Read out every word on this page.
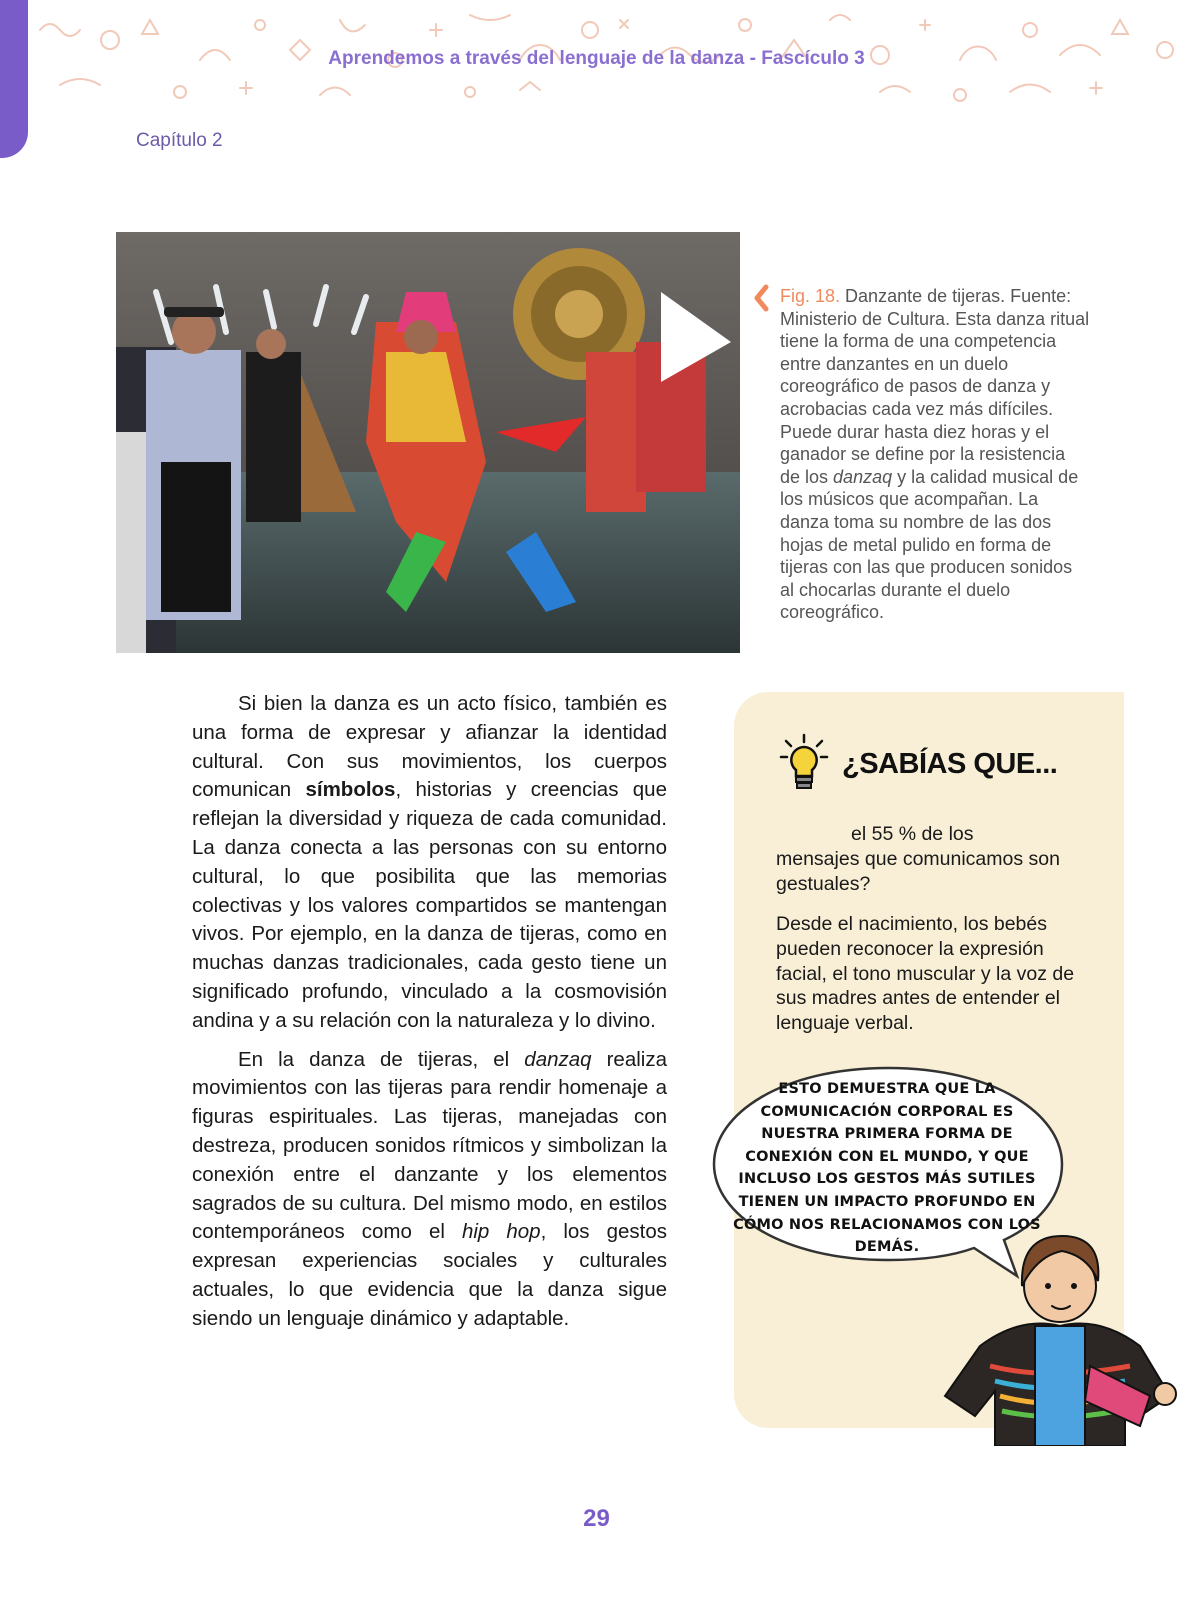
Aprendemos a través del lenguaje de la danza - Fascículo 3
Capítulo 2
Fig. 18. Danzante de tijeras. Fuente: Ministerio de Cultura. Esta danza ritual tiene la forma de una competencia entre danzantes en un duelo coreográfico de pasos de danza y acrobacias cada vez más difíciles. Puede durar hasta diez horas y el ganador se define por la resistencia de los danzaq y la calidad musical de los músicos que acompañan. La danza toma su nombre de las dos hojas de metal pulido en forma de tijeras con las que producen sonidos al chocarlas durante el duelo coreográfico.

Si bien la danza es un acto físico, también es una forma de expresar y afianzar la identidad cultural. Con sus movimientos, los cuerpos comunican símbolos, historias y creencias que reflejan la diversidad y riqueza de cada comunidad. La danza conecta a las personas con su entorno cultural, lo que posibilita que las memorias colectivas y los valores compartidos se mantengan vivos. Por ejemplo, en la danza de tijeras, como en muchas danzas tradicionales, cada gesto tiene un significado profundo, vinculado a la cosmovisión andina y a su relación con la naturaleza y lo divino.

En la danza de tijeras, el danzaq realiza movimientos con las tijeras para rendir homenaje a figuras espirituales. Las tijeras, manejadas con destreza, producen sonidos rítmicos y simbolizan la conexión entre el danzante y los elementos sagrados de su cultura. Del mismo modo, en estilos contemporáneos como el hip hop, los gestos expresan experiencias sociales y culturales actuales, lo que evidencia que la danza sigue siendo un lenguaje dinámico y adaptable.

¿SABÍAS QUE...
el 55 % de los
mensajes que comunicamos son gestuales?
Desde el nacimiento, los bebés pueden reconocer la expresión facial, el tono muscular y la voz de sus madres antes de entender el lenguaje verbal.
ESTO DEMUESTRA QUE LA COMUNICACIÓN CORPORAL ES NUESTRA PRIMERA FORMA DE CONEXIÓN CON EL MUNDO, Y QUE INCLUSO LOS GESTOS MÁS SUTILES TIENEN UN IMPACTO PROFUNDO EN CÓMO NOS RELACIONAMOS CON LOS DEMÁS.
29
